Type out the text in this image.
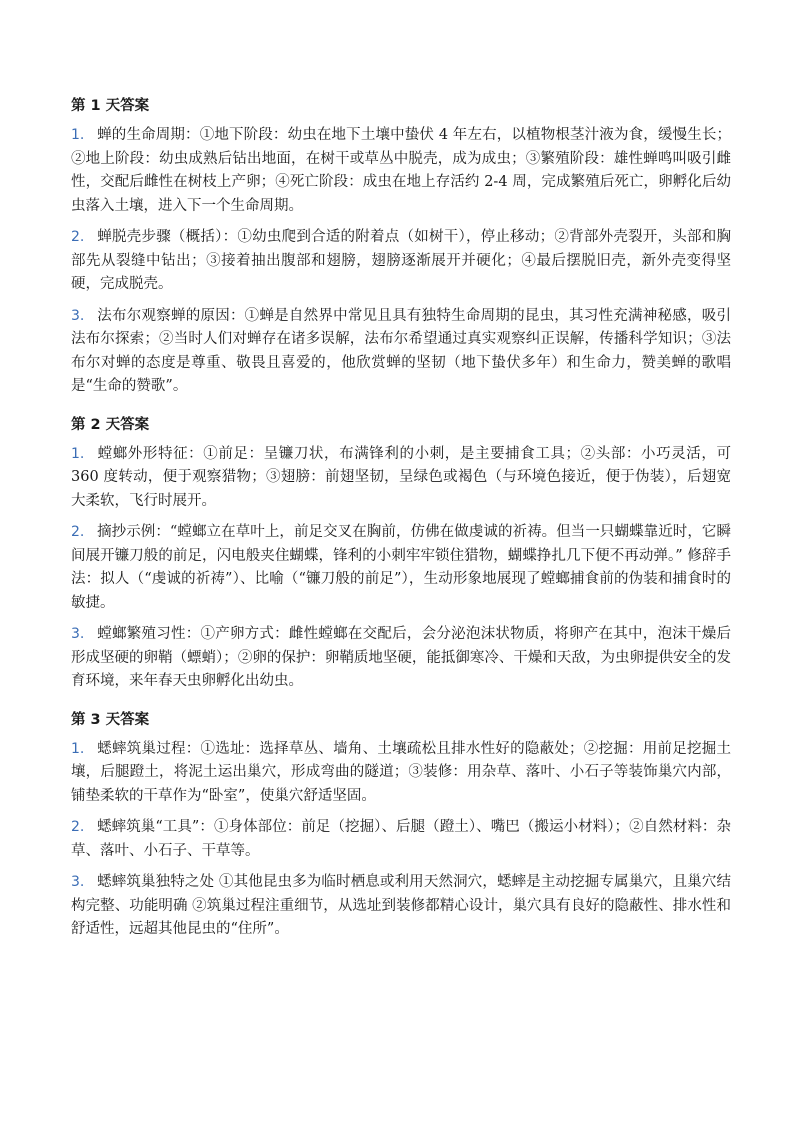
第 1 天答案

1. 蝉的生命周期：①地下阶段：幼虫在地下土壤中蛰伏 4 年左右，以植物根茎汁液为食，缓慢生长；②地上阶段：幼虫成熟后钻出地面，在树干或草丛中脱壳，成为成虫；③繁殖阶段：雄性蝉鸣叫吸引雌性，交配后雌性在树枝上产卵；④死亡阶段：成虫在地上存活约 2-4 周，完成繁殖后死亡，卵孵化后幼虫落入土壤，进入下一个生命周期。

2. 蝉脱壳步骤（概括）：①幼虫爬到合适的附着点（如树干），停止移动；②背部外壳裂开，头部和胸部先从裂缝中钻出；③接着抽出腹部和翅膀，翅膀逐渐展开并硬化；④最后摆脱旧壳，新外壳变得坚硬，完成脱壳。

3. 法布尔观察蝉的原因：①蝉是自然界中常见且具有独特生命周期的昆虫，其习性充满神秘感，吸引法布尔探索；②当时人们对蝉存在诸多误解，法布尔希望通过真实观察纠正误解，传播科学知识；③法布尔对蝉的态度是尊重、敬畏且喜爱的，他欣赏蝉的坚韧（地下蛰伏多年）和生命力，赞美蝉的歌唱是“生命的赞歌”。

第 2 天答案

1. 螳螂外形特征：①前足：呈镰刀状，布满锋利的小刺，是主要捕食工具；②头部：小巧灵活，可 360 度转动，便于观察猎物；③翅膀：前翅坚韧，呈绿色或褐色（与环境色接近，便于伪装），后翅宽大柔软，飞行时展开。

2. 摘抄示例：“螳螂立在草叶上，前足交叉在胸前，仿佛在做虔诚的祈祷。但当一只蝴蝶靠近时，它瞬间展开镰刀般的前足，闪电般夹住蝴蝶，锋利的小刺牢牢锁住猎物，蝴蝶挣扎几下便不再动弹。” 修辞手法：拟人（“虔诚的祈祷”）、比喻（“镰刀般的前足”），生动形象地展现了螳螂捕食前的伪装和捕食时的敏捷。

3. 螳螂繁殖习性：①产卵方式：雌性螳螂在交配后，会分泌泡沫状物质，将卵产在其中，泡沫干燥后形成坚硬的卵鞘（螵蛸）；②卵的保护：卵鞘质地坚硬，能抵御寒冷、干燥和天敌，为虫卵提供安全的发育环境，来年春天虫卵孵化出幼虫。

第 3 天答案

1. 蟋蟀筑巢过程：①选址：选择草丛、墙角、土壤疏松且排水性好的隐蔽处；②挖掘：用前足挖掘土壤，后腿蹬土，将泥土运出巢穴，形成弯曲的隧道；③装修：用杂草、落叶、小石子等装饰巢穴内部，铺垫柔软的干草作为“卧室”，使巢穴舒适坚固。

2. 蟋蟀筑巢“工具”：①身体部位：前足（挖掘）、后腿（蹬土）、嘴巴（搬运小材料）；②自然材料：杂草、落叶、小石子、干草等。

3. 蟋蟀筑巢独特之处 ①其他昆虫多为临时栖息或利用天然洞穴，蟋蟀是主动挖掘专属巢穴，且巢穴结构完整、功能明确 ②筑巢过程注重细节，从选址到装修都精心设计，巢穴具有良好的隐蔽性、排水性和舒适性，远超其他昆虫的“住所”。
